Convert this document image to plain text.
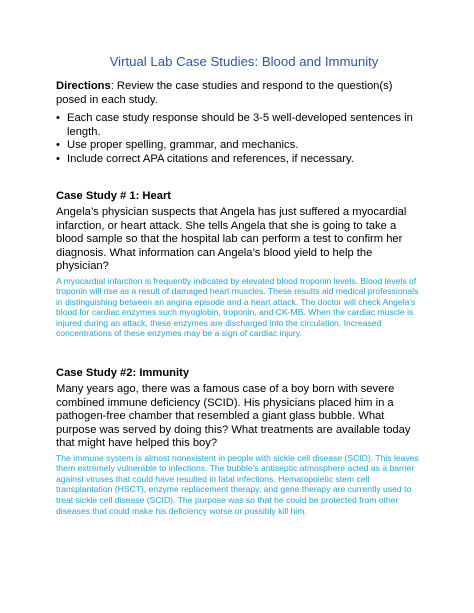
Virtual Lab Case Studies: Blood and Immunity

Directions: Review the case studies and respond to the question(s) posed in each study.

• Each case study response should be 3-5 well-developed sentences in length.
• Use proper spelling, grammar, and mechanics.
• Include correct APA citations and references, if necessary.
Case Study # 1: Heart

Angela’s physician suspects that Angela has just suffered a myocardial infarction, or heart attack. She tells Angela that she is going to take a blood sample so that the hospital lab can perform a test to confirm her diagnosis. What information can Angela’s blood yield to help the physician?

A myocardial infarction is frequently indicated by elevated blood troponin levels. Blood levels of troponin will rise as a result of damaged heart muscles. These results aid medical professionals in distinguishing between an angina episode and a heart attack. The doctor will check Angela's blood for cardiac enzymes such myoglobin, troponin, and CK-MB. When the cardiac muscle is injured during an attack, these enzymes are discharged into the circulation. Increased concentrations of these enzymes may be a sign of cardiac injury.

Case Study #2: Immunity

Many years ago, there was a famous case of a boy born with severe combined immune deficiency (SCID). His physicians placed him in a pathogen-free chamber that resembled a giant glass bubble. What purpose was served by doing this? What treatments are available today that might have helped this boy?

The immune system is almost nonexistent in people with sickle cell disease (SCID). This leaves them extremely vulnerable to infections. The bubble's antiseptic atmosphere acted as a barrier against viruses that could have resulted in fatal infections. Hematopoietic stem cell transplantation (HSCT), enzyme replacement therapy, and gene therapy are currently used to treat sickle cell disease (SCID). The purpose was so that he could be protected from other diseases that could make his deficiency worse or possibly kill him.
